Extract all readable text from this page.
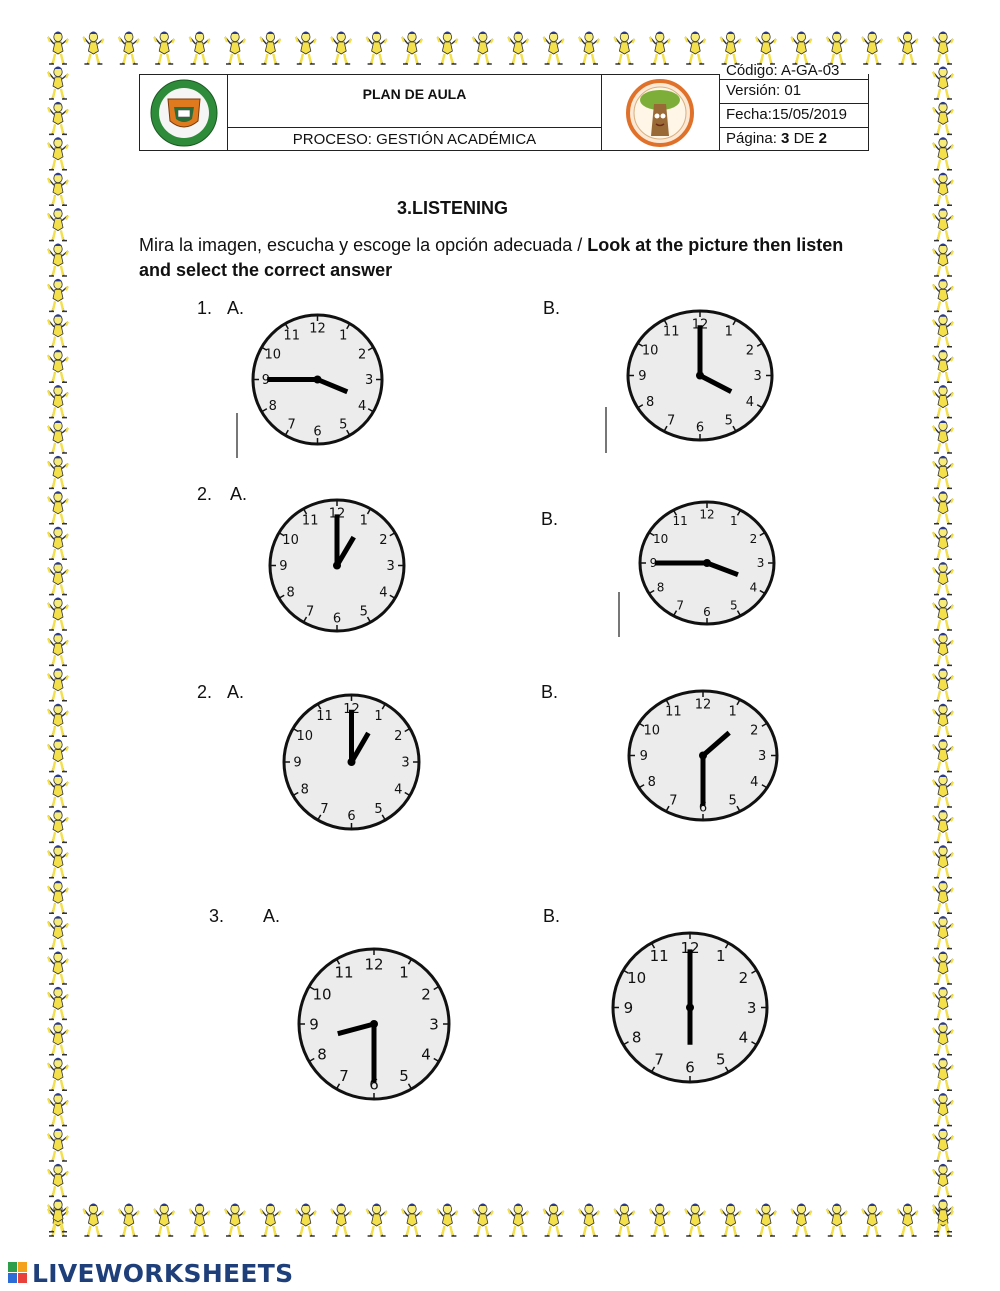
PLAN DE AULA
PROCESO: GESTIÓN ACADÉMICA
Código: A-GA-03
Versión: 01
Fecha:15/05/2019
Página: 3 DE 2
3.LISTENING
Mira la imagen, escucha y escoge la opción adecuada / Look at the picture then listen and select the correct answer
1. A.	B.
2. A.
B.
2. A.	B.
3. A.	B.
12 1
2
3
4
5
6
7
8
9
10
11
12 1
2
3
4
5
6
7
8
9
10
11
12 1
2
3
4
5
6
7
8
9
10
11	12 1
2
3
4
5
6
7
8
9
10
11
12 1
2
3
4
5
6
7
8
9
10
11
12 1
2
3
4
5
6
7
8
9
10
11
12 1
2
3
4
5
6
7
8
9
10
11
12 1
2
3
4
5
6
7
8
9
10
11
LIVEWORKSHEETS
